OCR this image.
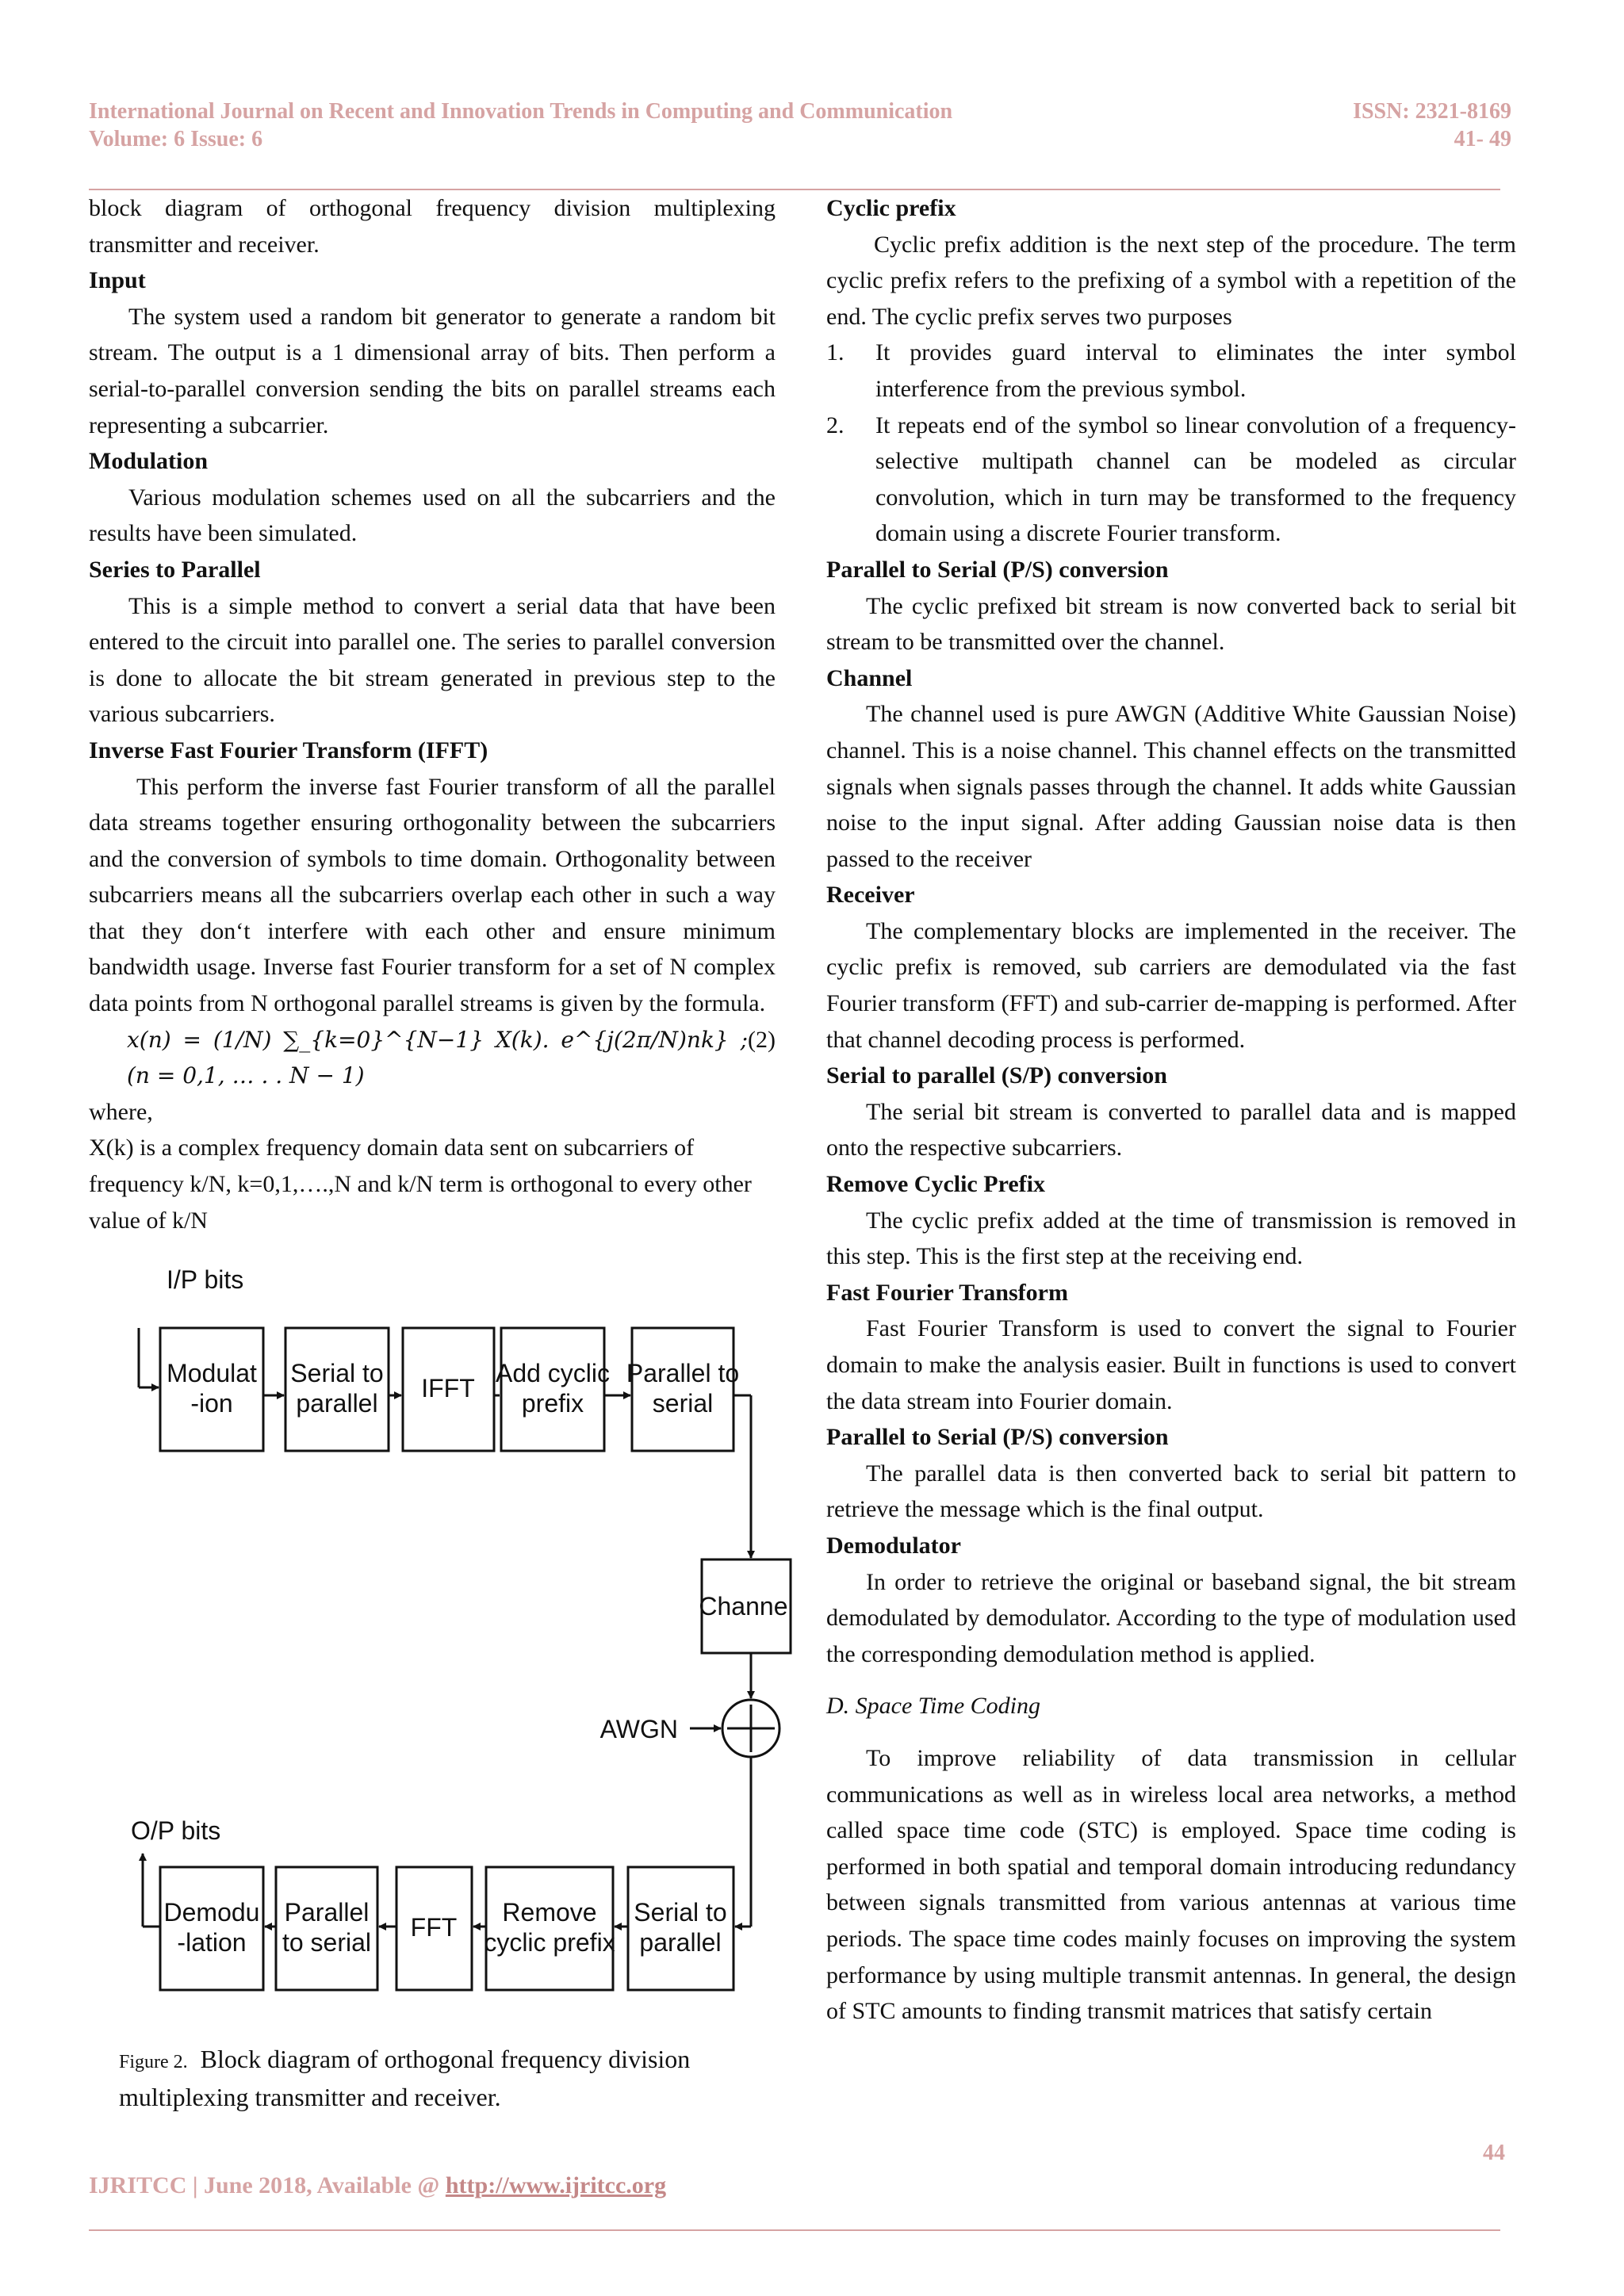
International Journal on Recent and Innovation Trends in Computing and Communication
Volume: 6 Issue: 6
ISSN: 2321-8169
41- 49

block diagram of orthogonal frequency division multiplexing transmitter and receiver.

Input

The system used a random bit generator to generate a random bit stream. The output is a 1 dimensional array of bits. Then perform a serial-to-parallel conversion sending the bits on parallel streams each representing a subcarrier.

Modulation

Various modulation schemes used on all the subcarriers and the results have been simulated.

Series to Parallel

This is a simple method to convert a serial data that have been entered to the circuit into parallel one. The series to parallel conversion is done to allocate the bit stream generated in previous step to the various subcarriers.

Inverse Fast Fourier Transform (IFFT)

This perform the inverse fast Fourier transform of all the parallel data streams together ensuring orthogonality between the subcarriers and the conversion of symbols to time domain. Orthogonality between subcarriers means all the subcarriers overlap each other in such a way that they don‘t interfere with each other and ensure minimum bandwidth usage. Inverse fast Fourier transform for a set of N complex data points from N orthogonal parallel streams is given by the formula.

x(n) = (1/N) ∑_{k=0}^{N−1} X(k). e^{j(2π/N)nk} ; (n = 0,1, … . . N − 1)
(2)

where,

X(k) is a complex frequency domain data sent on subcarriers of frequency k/N, k=0,1,….,N and k/N term is orthogonal to every other value of k/N

I/P bits
O/P bits
AWGN
Channel
Modulat
-ion
Serial to
parallel
IFFT
Add cyclic
prefix
Parallel to
serial
Demodu
-lation
Parallel
to serial
FFT
Remove
cyclic prefix
Serial to
parallel
Figure 2. Block diagram of orthogonal frequency division multiplexing transmitter and receiver.

Cyclic prefix

Cyclic prefix addition is the next step of the procedure. The term cyclic prefix refers to the prefixing of a symbol with a repetition of the end. The cyclic prefix serves two purposes

1. It provides guard interval to eliminates the inter symbol interference from the previous symbol.

2. It repeats end of the symbol so linear convolution of a frequency-selective multipath channel can be modeled as circular convolution, which in turn may be transformed to the frequency domain using a discrete Fourier transform.

Parallel to Serial (P/S) conversion

The cyclic prefixed bit stream is now converted back to serial bit stream to be transmitted over the channel.

Channel

The channel used is pure AWGN (Additive White Gaussian Noise) channel. This is a noise channel. This channel effects on the transmitted signals when signals passes through the channel. It adds white Gaussian noise to the input signal. After adding Gaussian noise data is then passed to the receiver

Receiver

The complementary blocks are implemented in the receiver. The cyclic prefix is removed, sub carriers are demodulated via the fast Fourier transform (FFT) and sub-carrier de-mapping is performed. After that channel decoding process is performed.

Serial to parallel (S/P) conversion

The serial bit stream is converted to parallel data and is mapped onto the respective subcarriers.

Remove Cyclic Prefix

The cyclic prefix added at the time of transmission is removed in this step. This is the first step at the receiving end.

Fast Fourier Transform

Fast Fourier Transform is used to convert the signal to Fourier domain to make the analysis easier. Built in functions is used to convert the data stream into Fourier domain.

Parallel to Serial (P/S) conversion

The parallel data is then converted back to serial bit pattern to retrieve the message which is the final output.

Demodulator

In order to retrieve the original or baseband signal, the bit stream demodulated by demodulator. According to the type of modulation used the corresponding demodulation method is applied.

D. Space Time Coding

To improve reliability of data transmission in cellular communications as well as in wireless local area networks, a method called space time code (STC) is employed. Space time coding is performed in both spatial and temporal domain introducing redundancy between signals transmitted from various antennas at various time periods. The space time codes mainly focuses on improving the system performance by using multiple transmit antennas. In general, the design of STC amounts to finding transmit matrices that satisfy certain

44
IJRITCC | June 2018, Available @ http://www.ijritcc.org
